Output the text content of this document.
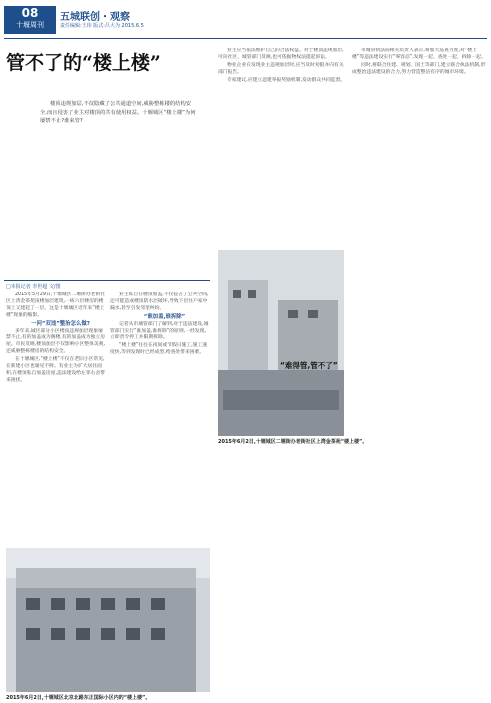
08
十堰周刊
五城联创・观察
责任编辑:王玮 版式:吕大为 2015.6.5
管不了的“楼上楼”
楼顶违规加层,不仅隐藏了公共通道空间,威胁整栋楼的结构安全,而且侵害了业主对楼顶的共有使用权益。十堰城区“楼上楼”为何屡禁不止?谁来管?
□本报记者 李世超 文/图

2015年5月29日,十堰城区二堰街办老街社区上湾金茶苑顶楼加层建筑,一栋六层楼房的楼顶上又建起了一层。这是十堰城区近年来“楼上楼”现象的缩影。

一问“双违”整治怎么做?

多年来,城区部分小区楼顶违规加层现象屡禁不止,有的加盖成为阁楼,有的加盖成为独立房屋。市民反映,楼顶加层不仅影响小区整体美观,还威胁整栋楼房的结构安全。

在十堰城区,“楼上楼”不仅在老旧小区常见,在新建小区也屡见不鲜。有业主为扩大居住面积,在楼顶私自加盖房屋,违法建设给左邻右舍带来困扰。

业主私自在楼顶加盖,不仅侵占了公共空间,还可能造成楼顶防水层破坏,导致下层住户家中漏水,甚至引发邻里纠纷。

“谁加盖,谁拆除”

记者从市城管部门了解到,对于违法建设,城管部门实行“谁加盖,谁拆除”的原则,一经发现,立即责令停工并限期拆除。

“楼上楼”往往在夜间或节假日施工,施工速度快,等到发现时已经成型,给查处带来困难。

业主应当依法维护自己的合法权益。对于楼顶违规加层,可向社区、城管部门反映,也可依据物权法提起诉讼。

物业企业在发现业主违规加层时,应当及时劝阻并向有关部门报告。

专家建议,应建立违建举报奖励机制,发动群众共同监督。

市城管执法局相关负责人表示,将加大巡查力度,对“楼上楼”等违法建设实行“零容忍”,发现一起、查处一起、拆除一起。

同时,将联合住建、规划、国土等部门,建立联合执法机制,形成整治违法建设的合力,努力营造整洁有序的城市环境。

2015年6月2日,十堰城区二堰街办老街社区上湾金茶苑“楼上楼”。
“难得管,管不了”
2015年6月2日,十堰城区北京北路东正国际小区内的“楼上楼”。
